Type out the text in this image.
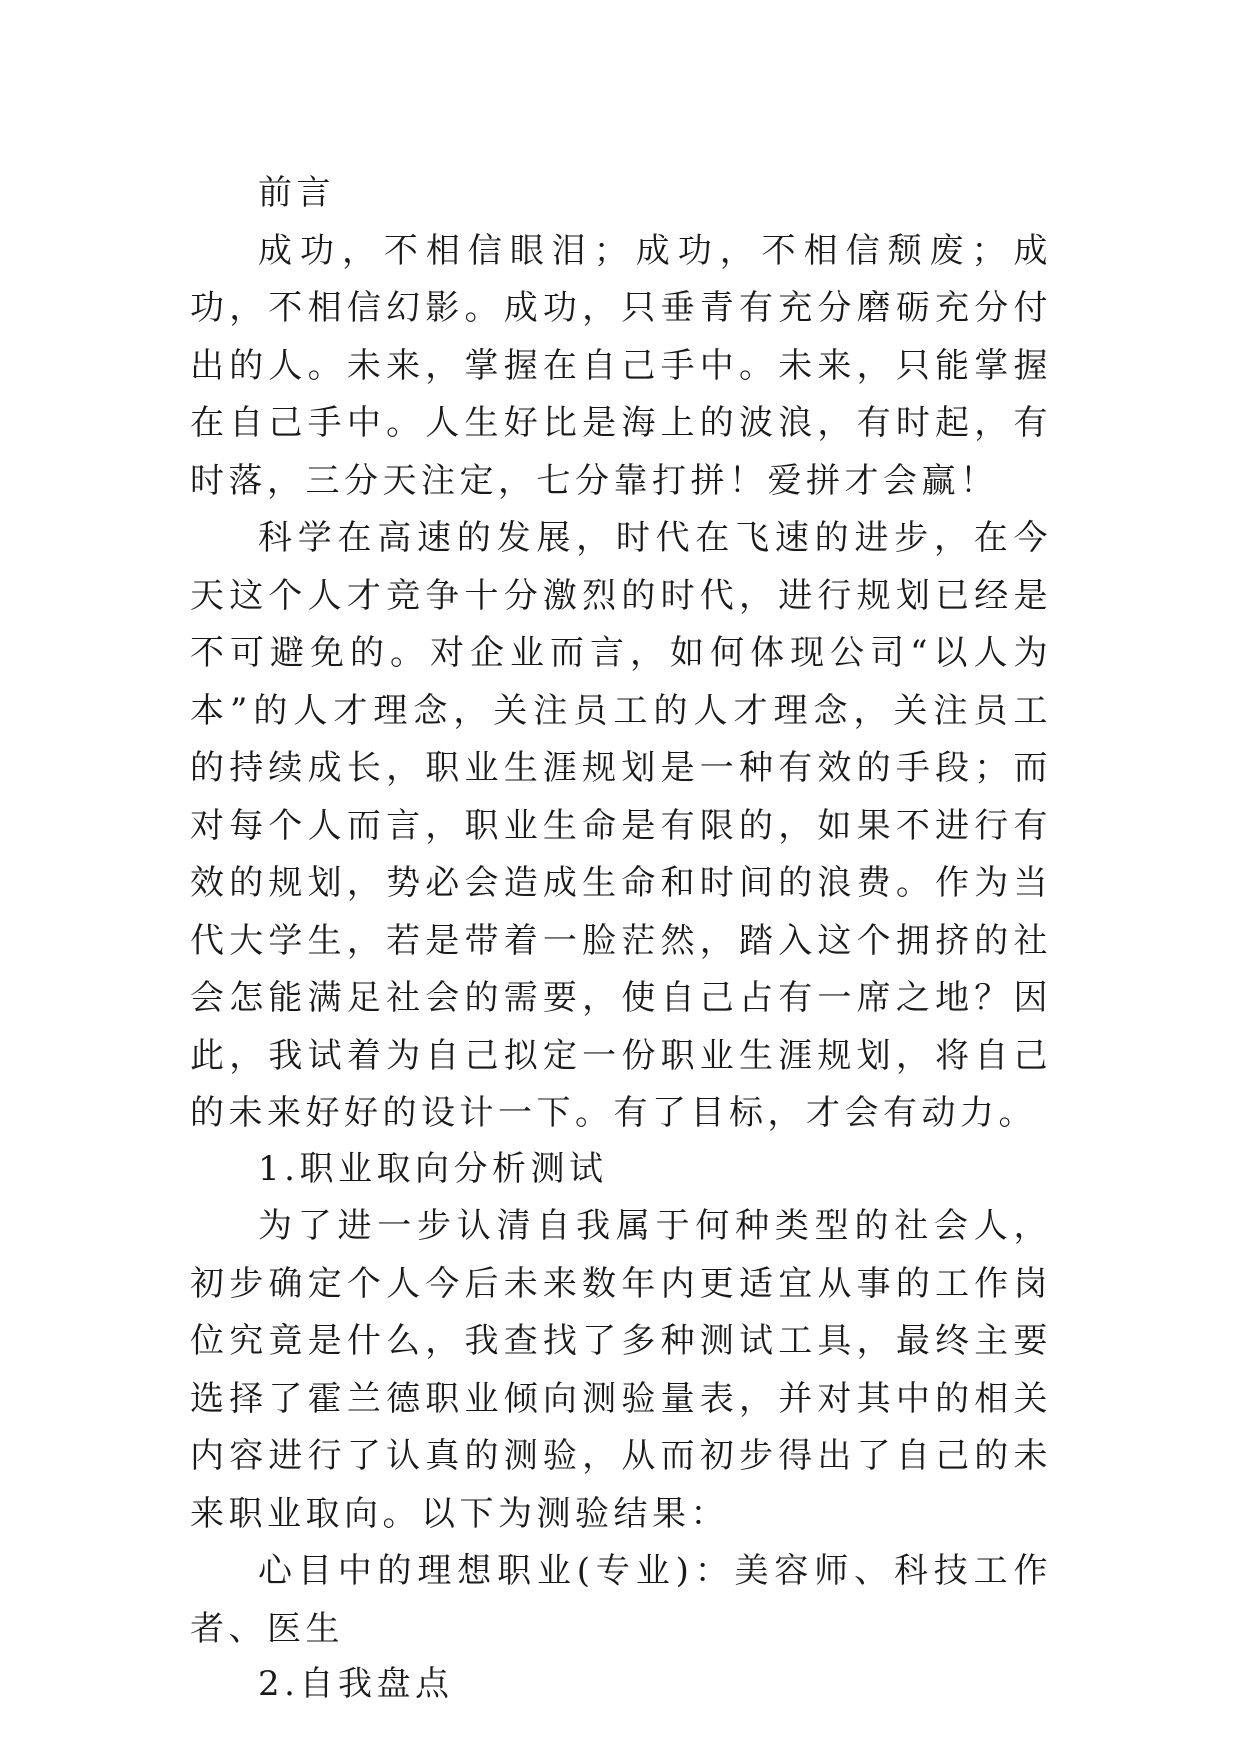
前言

成功，不相信眼泪；成功，不相信颓废；成功，不相信幻影。成功，只垂青有充分磨砺充分付出的人。未来，掌握在自己手中。未来，只能掌握在自己手中。人生好比是海上的波浪，有时起，有时落，三分天注定，七分靠打拼！爱拼才会赢！

科学在高速的发展，时代在飞速的进步，在今天这个人才竞争十分激烈的时代，进行规划已经是不可避免的。对企业而言，如何体现公司“以人为本”的人才理念，关注员工的人才理念，关注员工的持续成长，职业生涯规划是一种有效的手段；而对每个人而言，职业生命是有限的，如果不进行有效的规划，势必会造成生命和时间的浪费。作为当代大学生，若是带着一脸茫然，踏入这个拥挤的社会怎能满足社会的需要，使自己占有一席之地？因此，我试着为自己拟定一份职业生涯规划，将自己的未来好好的设计一下。有了目标，才会有动力。

1.职业取向分析测试

为了进一步认清自我属于何种类型的社会人，初步确定个人今后未来数年内更适宜从事的工作岗位究竟是什么，我查找了多种测试工具，最终主要选择了霍兰德职业倾向测验量表，并对其中的相关内容进行了认真的测验，从而初步得出了自己的未来职业取向。以下为测验结果：

心目中的理想职业(专业)：美容师、科技工作者、医生

2.自我盘点
